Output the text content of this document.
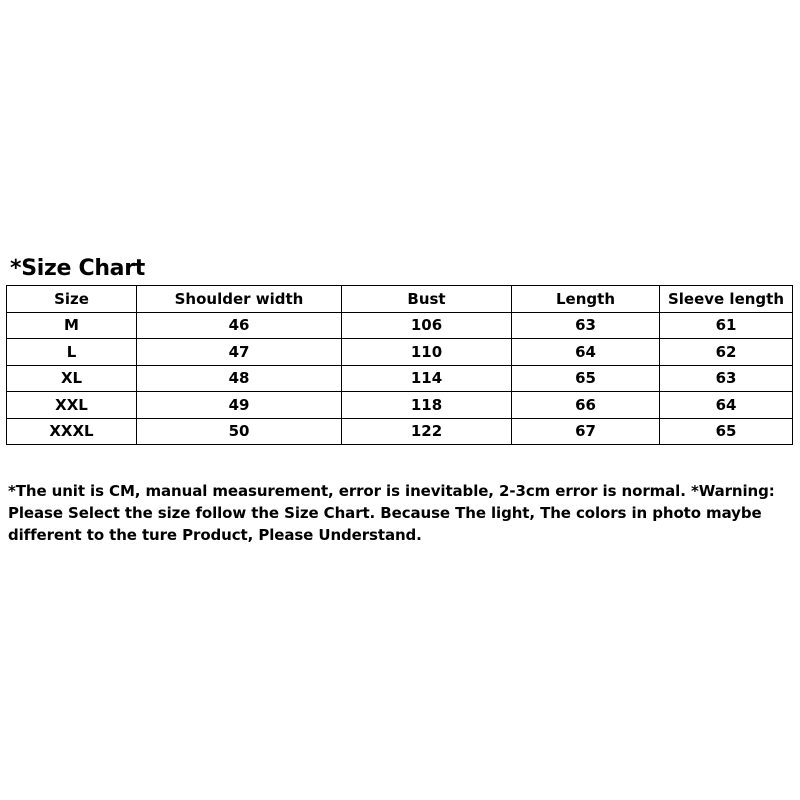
*Size Chart
Size	Shoulder width	Bust	Length	Sleeve length
M	46	106	63	61
L	47	110	64	62
XL	48	114	65	63
XXL	49	118	66	64
XXXL	50	122	67	65
*The unit is CM, manual measurement, error is inevitable, 2-3cm error is normal. *Warning:
Please Select the size follow the Size Chart. Because The light, The colors in photo maybe
different to the ture Product, Please Understand.
